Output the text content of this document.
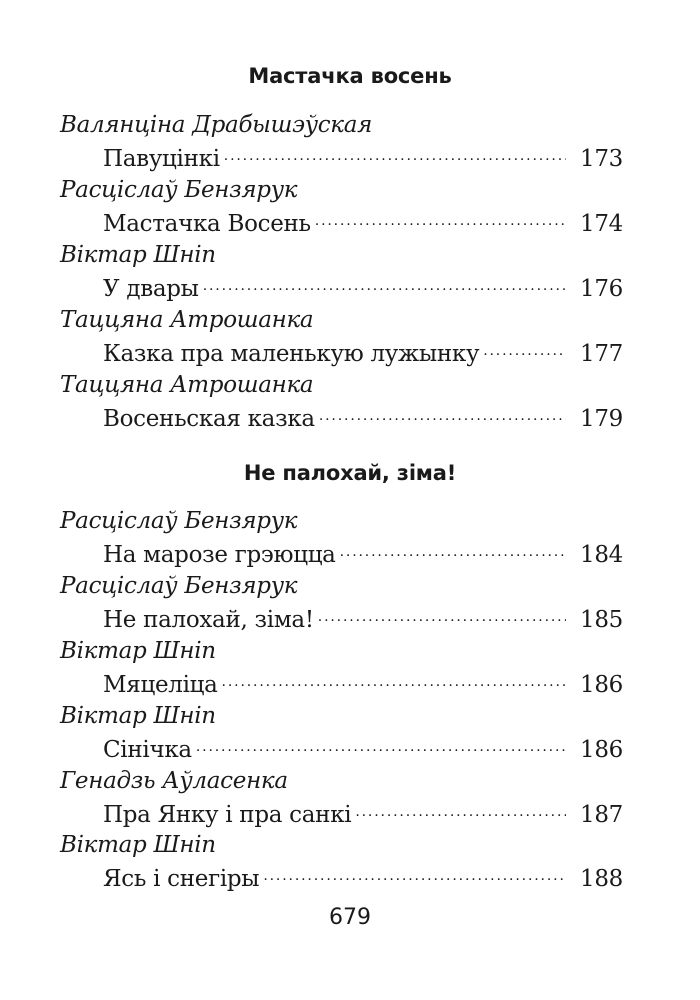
Мастачка восень
Валянціна Драбышэўская
Павуцінкі . . .	173
Расціслаў Бензярук
Мастачка Восень . . .	174
Віктар Шніп
У двары . . .	176
Таццяна Атрошанка
Казка пра маленькую лужынку . . .	177
Таццяна Атрошанка
Восеньская казка . . .	179
Не палохай, зіма!
Расціслаў Бензярук
На марозе грэюцца . . .	184
Расціслаў Бензярук
Не палохай, зіма! . . .	185
Віктар Шніп
Мяцеліца . . .	186
Віктар Шніп
Сінічка . . .	186
Генадзь Аўласенка
Пра Янку і пра санкі . . .	187
Віктар Шніп
Ясь і снегіры . . .	188
679
